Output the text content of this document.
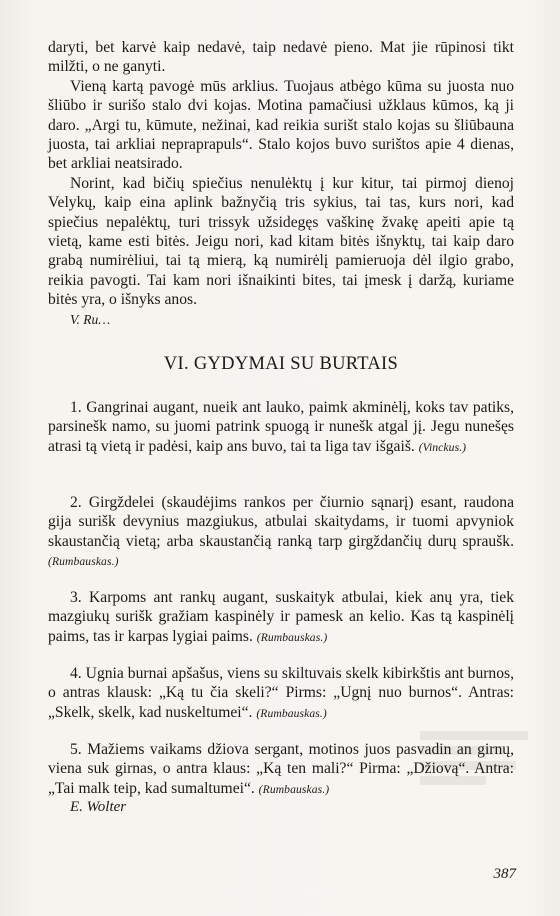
daryti, bet karvė kaip nedavė, taip nedavė pieno. Mat jie rūpinosi tikt milžti, o ne ganyti.

Vieną kartą pavogė mūs arklius. Tuojaus atbėgo kūma su juosta nuo šliūbo ir surišo stalo dvi kojas. Motina pamačiusi užklaus kūmos, ką ji daro. „Argi tu, kūmute, nežinai, kad reikia surišt stalo kojas su šliūbauna juosta, tai arkliai nepraprapuls“. Stalo kojos buvo surištos apie 4 dienas, bet arkliai neatsirado.

Norint, kad bičių spiečius nenulėktų į kur kitur, tai pirmoj dienoj Velykų, kaip eina aplink bažnyčią tris sykius, tai tas, kurs nori, kad spiečius nepalėktų, turi trissyk užsidegęs vaškinę žvakę apeiti apie tą vietą, kame esti bitės. Jeigu nori, kad kitam bitės išnyktų, tai kaip daro grabą numirėliui, tai tą mierą, ką numirėlį pamieruoja dėl ilgio grabo, reikia pavogti. Tai kam nori išnaikinti bites, tai įmesk į daržą, kuriame bitės yra, o išnyks anos.

V. Ru…

VI. GYDYMAI SU BURTAIS

1. Gangrinai augant, nueik ant lauko, paimk akminėlį, koks tav patiks, parsinešk namo, su juomi patrink spuogą ir nunešk atgal jį. Jegu nunešęs atrasi tą vietą ir padėsi, kaip ans buvo, tai ta liga tav išgaiš. (Vinckus.)

2. Girgždelei (skaudėjims rankos per čiurnio sąnarį) esant, raudona gija surišk devynius mazgiukus, atbulai skaitydams, ir tuomi apvyniok skaustančią vietą; arba skaustančią ranką tarp girgždančių durų spraušk. (Rumbauskas.)

3. Karpoms ant rankų augant, suskaityk atbulai, kiek anų yra, tiek mazgiukų surišk gražiam kaspinėly ir pamesk an kelio. Kas tą kaspinėlį paims, tas ir karpas lygiai paims. (Rumbauskas.)

4. Ugnia burnai apšašus, viens su skiltuvais skelk kibirkštis ant burnos, o antras klausk: „Ką tu čia skeli?“ Pirms: „Ugnį nuo burnos“. Antras: „Skelk, skelk, kad nuskeltumei“. (Rumbauskas.)

5. Mažiems vaikams džiova sergant, motinos juos pasvadin an girnų, viena suk girnas, o antra klaus: „Ką ten mali?“ Pirma: „Džiovą“. Antra: „Tai malk teip, kad sumaltumei“. (Rumbauskas.)

E. Wolter
387
